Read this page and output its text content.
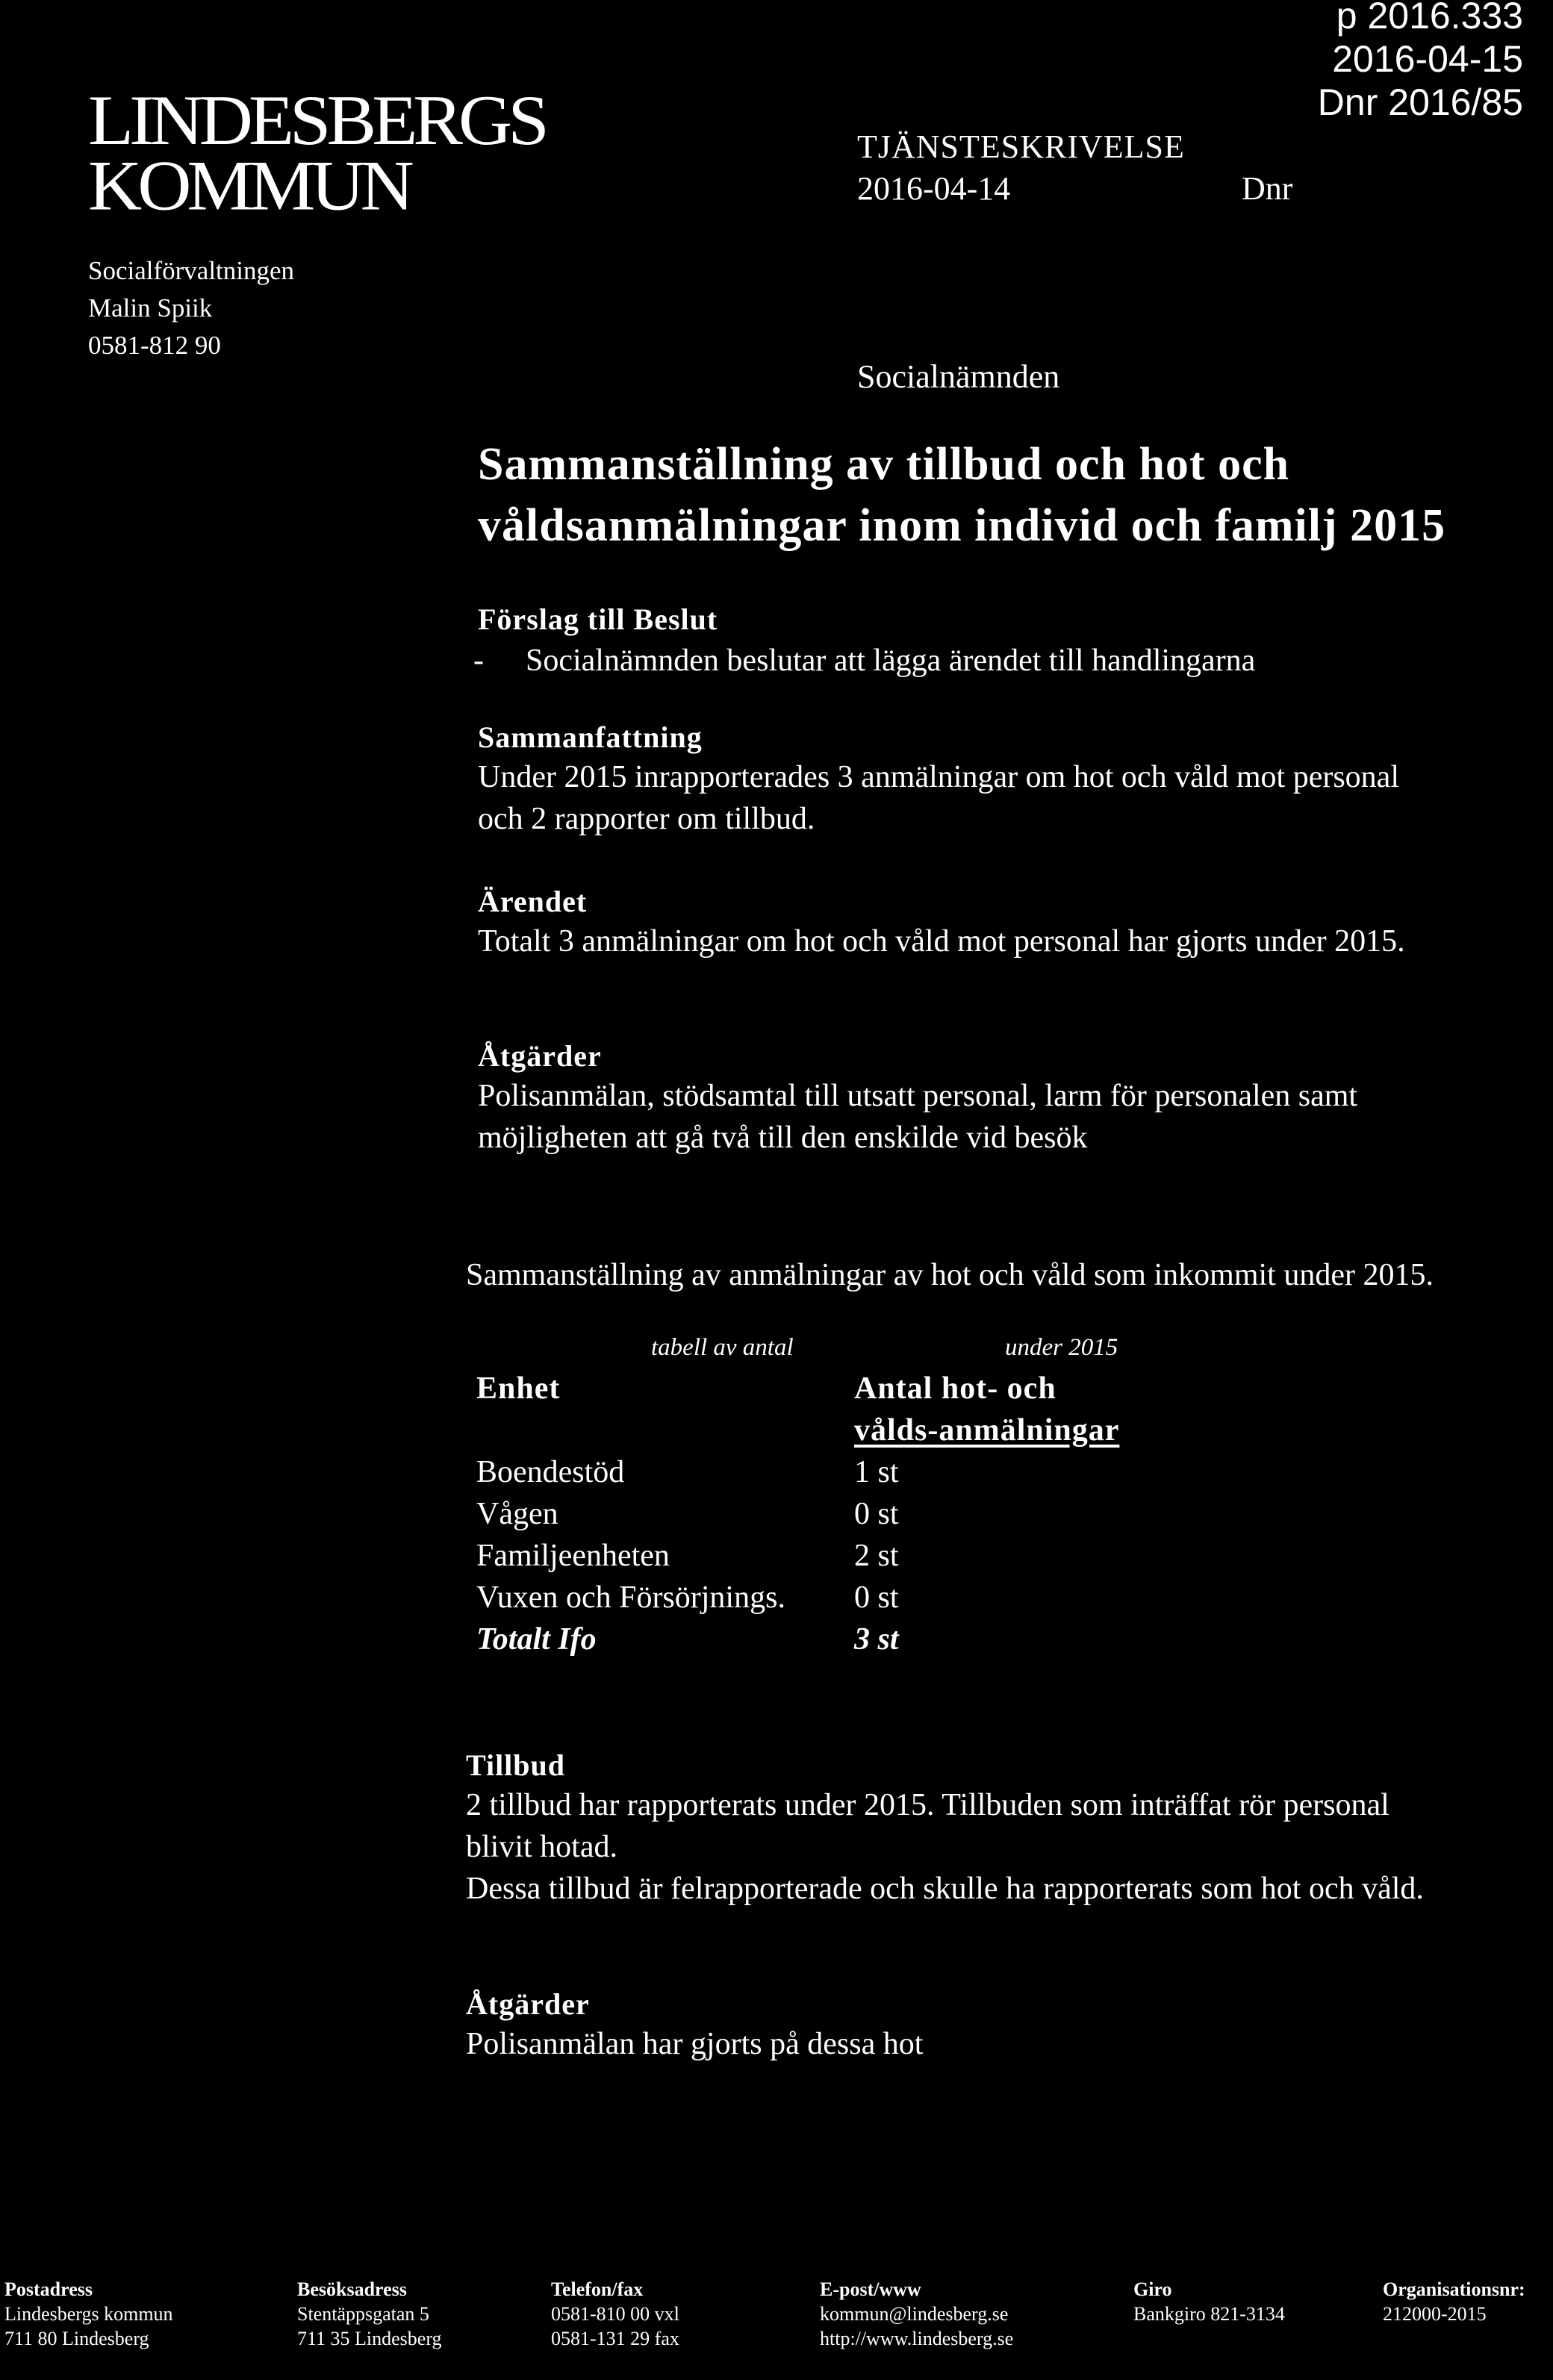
p 2016.333
2016-04-15
Dnr 2016/85
LINDESBERGS
KOMMUN	TJÄNSTESKRIVELSE
2016-04-14	Dnr
Socialförvaltningen
Malin Spiik
0581-812 90
Socialnämnden
Sammanställning av tillbud och hot och
våldsanmälningar inom individ och familj 2015
Förslag till Beslut
-	Socialnämnden beslutar att lägga ärendet till handlingarna
Sammanfattning
Under 2015 inrapporterades 3 anmälningar om hot och våld mot personal och 2 rapporter om tillbud.
Ärendet
Totalt 3 anmälningar om hot och våld mot personal har gjorts under 2015.
Åtgärder
Polisanmälan, stödsamtal till utsatt personal, larm för personalen samt möjligheten att gå två till den enskilde vid besök
Sammanställning av anmälningar av hot och våld som inkommit under 2015.
tabell av antal	under 2015
Enhet	Antal hot- och
vålds-anmälningar
Boendestöd	1 st
Vågen	0 st
Familjeenheten	2 st
Vuxen och Försörjnings.	0 st
Totalt Ifo	3 st
Tillbud
2 tillbud har rapporterats under 2015. Tillbuden som inträffat rör personal blivit hotad.
Dessa tillbud är felrapporterade och skulle ha rapporterats som hot och våld.
Åtgärder
Polisanmälan har gjorts på dessa hot
Postadress
Lindesbergs kommun
711 80 Lindesberg
Besöksadress
Stentäppsgatan 5
711 35 Lindesberg
Telefon/fax
0581-810 00 vxl
0581-131 29 fax
E-post/www
kommun@lindesberg.se
http://www.lindesberg.se
Giro
Bankgiro 821-3134
Organisationsnr:
212000-2015
